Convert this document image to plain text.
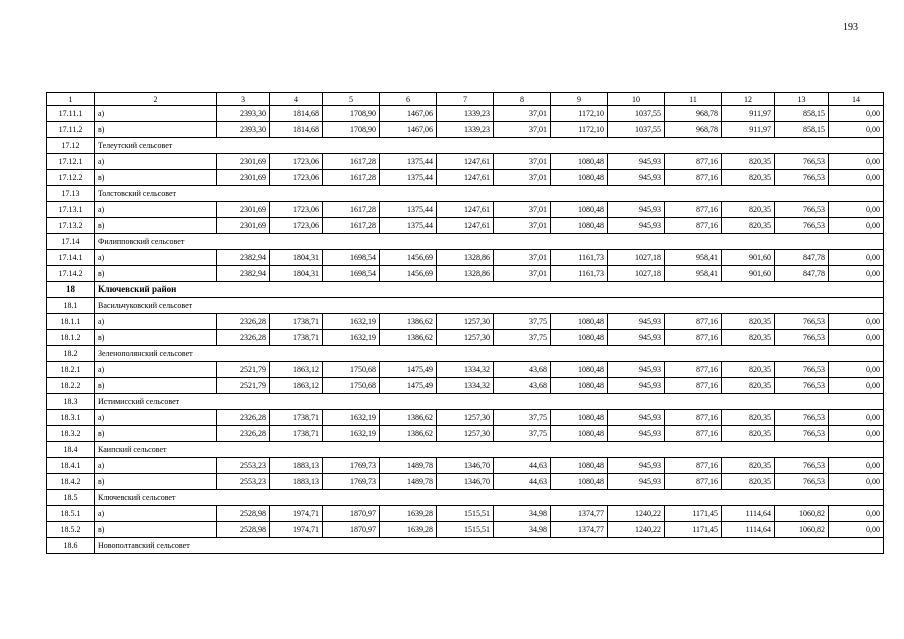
193
1	2	3	4	5	6	7	8	9	10	11	12	13	14
17.11.1	а)	2393,30	1814,68	1708,90	1467,06	1339,23	37,01	1172,10	1037,55	968,78	911,97	858,15	0,00
17.11.2	в)	2393,30	1814,68	1708,90	1467,06	1339,23	37,01	1172,10	1037,55	968,78	911,97	858,15	0,00
17.12	Телеутский сельсовет												
17.12.1	а)	2301,69	1723,06	1617,28	1375,44	1247,61	37,01	1080,48	945,93	877,16	820,35	766,53	0,00
17.12.2	в)	2301,69	1723,06	1617,28	1375,44	1247,61	37,01	1080,48	945,93	877,16	820,35	766,53	0,00
17.13	Толстовский сельсовет												
17.13.1	а)	2301,69	1723,06	1617,28	1375,44	1247,61	37,01	1080,48	945,93	877,16	820,35	766,53	0,00
17.13.2	в)	2301,69	1723,06	1617,28	1375,44	1247,61	37,01	1080,48	945,93	877,16	820,35	766,53	0,00
17.14	Филипповский сельсовет												
17.14.1	а)	2382,94	1804,31	1698,54	1456,69	1328,86	37,01	1161,73	1027,18	958,41	901,60	847,78	0,00
17.14.2	в)	2382,94	1804,31	1698,54	1456,69	1328,86	37,01	1161,73	1027,18	958,41	901,60	847,78	0,00
18	Ключевский район												
18.1	Васильчуковский сельсовет												
18.1.1	а)	2326,28	1738,71	1632,19	1386,62	1257,30	37,75	1080,48	945,93	877,16	820,35	766,53	0,00
18.1.2	в)	2326,28	1738,71	1632,19	1386,62	1257,30	37,75	1080,48	945,93	877,16	820,35	766,53	0,00
18.2	Зеленополянский сельсовет												
18.2.1	а)	2521,79	1863,12	1750,68	1475,49	1334,32	43,68	1080,48	945,93	877,16	820,35	766,53	0,00
18.2.2	в)	2521,79	1863,12	1750,68	1475,49	1334,32	43,68	1080,48	945,93	877,16	820,35	766,53	0,00
18.3	Истимисский сельсовет												
18.3.1	а)	2326,28	1738,71	1632,19	1386,62	1257,30	37,75	1080,48	945,93	877,16	820,35	766,53	0,00
18.3.2	в)	2326,28	1738,71	1632,19	1386,62	1257,30	37,75	1080,48	945,93	877,16	820,35	766,53	0,00
18.4	Каипский сельсовет												
18.4.1	а)	2553,23	1883,13	1769,73	1489,78	1346,70	44,63	1080,48	945,93	877,16	820,35	766,53	0,00
18.4.2	в)	2553,23	1883,13	1769,73	1489,78	1346,70	44,63	1080,48	945,93	877,16	820,35	766,53	0,00
18.5	Ключевский сельсовет												
18.5.1	а)	2528,98	1974,71	1870,97	1639,28	1515,51	34,98	1374,77	1240,22	1171,45	1114,64	1060,82	0,00
18.5.2	в)	2528,98	1974,71	1870,97	1639,28	1515,51	34,98	1374,77	1240,22	1171,45	1114,64	1060,82	0,00
18.6	Новополтавский сельсовет												
